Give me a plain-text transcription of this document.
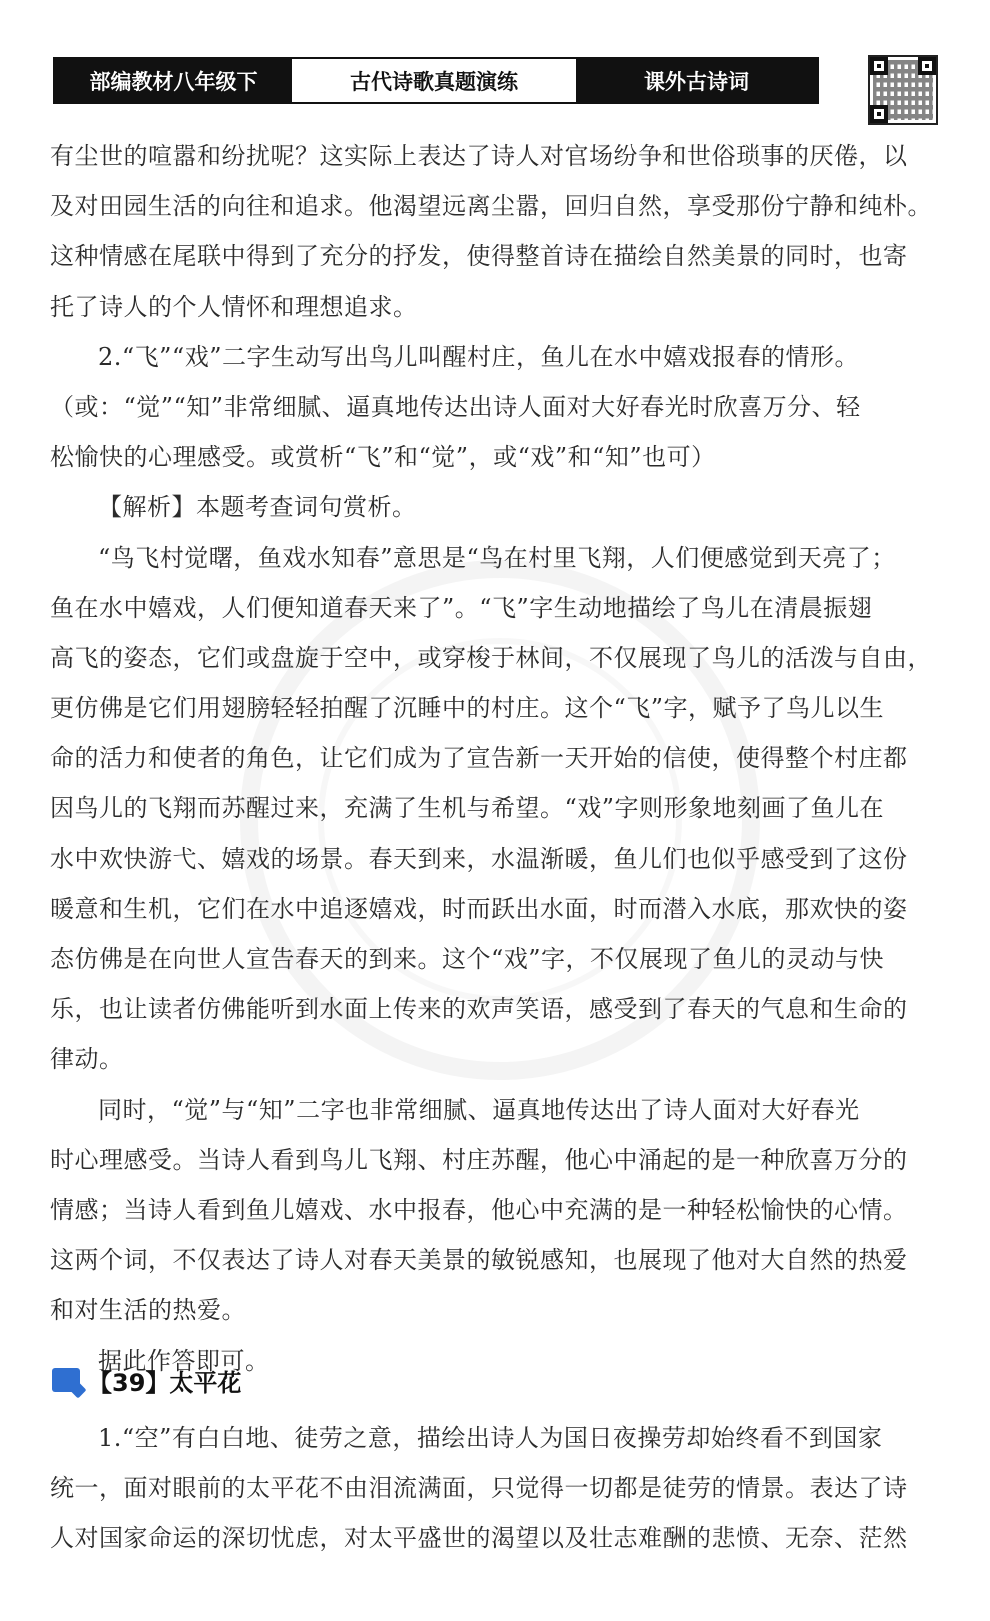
部编教材八年级下	古代诗歌真题演练	课外古诗词
有尘世的喧嚣和纷扰呢？这实际上表达了诗人对官场纷争和世俗琐事的厌倦，以
及对田园生活的向往和追求。他渴望远离尘嚣，回归自然，享受那份宁静和纯朴。
这种情感在尾联中得到了充分的抒发，使得整首诗在描绘自然美景的同时，也寄
托了诗人的个人情怀和理想追求。
2.“飞”“戏”二字生动写出鸟儿叫醒村庄，鱼儿在水中嬉戏报春的情形。
（或：“觉”“知”非常细腻、逼真地传达出诗人面对大好春光时欣喜万分、轻
松愉快的心理感受。或赏析“飞”和“觉”，或“戏”和“知”也可）
【解析】本题考查词句赏析。
“鸟飞村觉曙，鱼戏水知春”意思是“鸟在村里飞翔，人们便感觉到天亮了；
鱼在水中嬉戏，人们便知道春天来了”。“飞”字生动地描绘了鸟儿在清晨振翅
高飞的姿态，它们或盘旋于空中，或穿梭于林间，不仅展现了鸟儿的活泼与自由，
更仿佛是它们用翅膀轻轻拍醒了沉睡中的村庄。这个“飞”字，赋予了鸟儿以生
命的活力和使者的角色，让它们成为了宣告新一天开始的信使，使得整个村庄都
因鸟儿的飞翔而苏醒过来，充满了生机与希望。“戏”字则形象地刻画了鱼儿在
水中欢快游弋、嬉戏的场景。春天到来，水温渐暖，鱼儿们也似乎感受到了这份
暖意和生机，它们在水中追逐嬉戏，时而跃出水面，时而潜入水底，那欢快的姿
态仿佛是在向世人宣告春天的到来。这个“戏”字，不仅展现了鱼儿的灵动与快
乐，也让读者仿佛能听到水面上传来的欢声笑语，感受到了春天的气息和生命的
律动。
同时，“觉”与“知”二字也非常细腻、逼真地传达出了诗人面对大好春光
时心理感受。当诗人看到鸟儿飞翔、村庄苏醒，他心中涌起的是一种欣喜万分的
情感；当诗人看到鱼儿嬉戏、水中报春，他心中充满的是一种轻松愉快的心情。
这两个词，不仅表达了诗人对春天美景的敏锐感知，也展现了他对大自然的热爱
和对生活的热爱。
据此作答即可。
【39】太平花
1.“空”有白白地、徒劳之意，描绘出诗人为国日夜操劳却始终看不到国家
统一，面对眼前的太平花不由泪流满面，只觉得一切都是徒劳的情景。表达了诗
人对国家命运的深切忧虑，对太平盛世的渴望以及壮志难酬的悲愤、无奈、茫然
